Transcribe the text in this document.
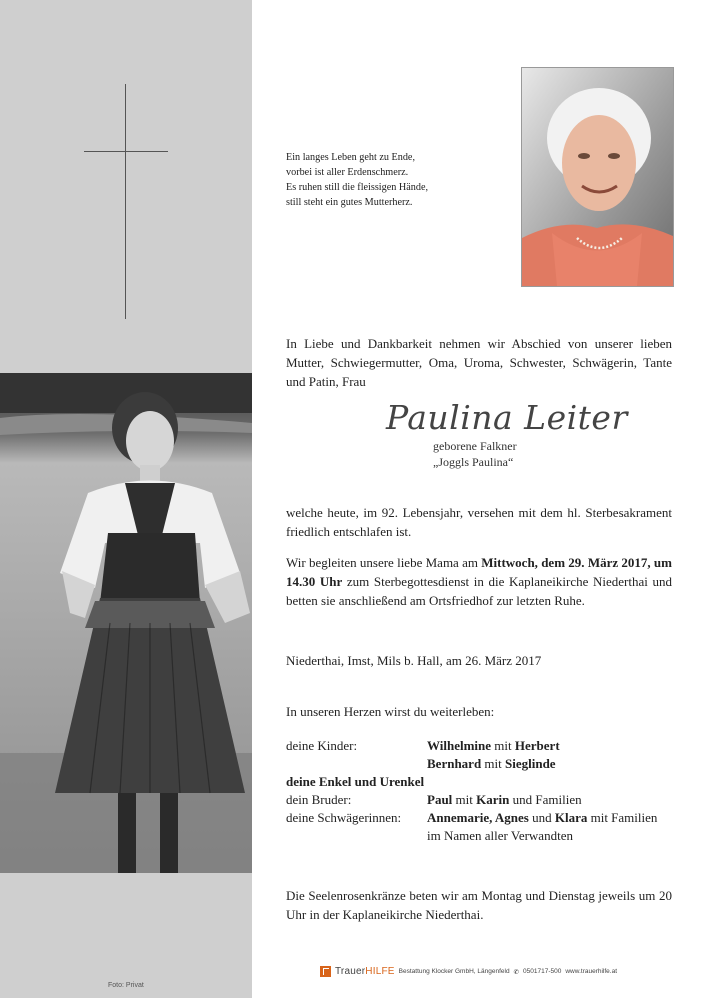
Foto: Privat
Ein langes Leben geht zu Ende,
vorbei ist aller Erdenschmerz.
Es ruhen still die fleissigen Hände,
still steht ein gutes Mutterherz.
In Liebe und Dankbarkeit nehmen wir Abschied von unserer lieben Mutter, Schwiegermutter, Oma, Uroma, Schwester, Schwägerin, Tante und Patin, Frau
Paulina Leiter
geborene Falkner
„Joggls Paulina“
welche heute, im 92. Lebensjahr, versehen mit dem hl. Sterbesakrament friedlich entschlafen ist.
Wir begleiten unsere liebe Mama am Mittwoch, dem 29. März 2017, um 14.30 Uhr zum Sterbegottesdienst in die Kaplaneikirche Niederthai und betten sie anschließend am Ortsfriedhof zur letzten Ruhe.
Niederthai, Imst, Mils b. Hall, am 26. März 2017
In unseren Herzen wirst du weiterleben:
deine Kinder:	Wilhelmine mit Herbert
Bernhard mit Sieglinde
deine Enkel und Urenkel
dein Bruder:	Paul mit Karin und Familien
deine Schwägerinnen: Annemarie, Agnes und Klara mit Familien
im Namen aller Verwandten
Die Seelenrosenkränze beten wir am Montag und Dienstag jeweils um 20 Uhr in der Kaplaneikirche Niederthai.
TrauerHILFE Bestattung Klocker GmbH, Längenfeld ✆ 0501717-500 www.trauerhilfe.at
